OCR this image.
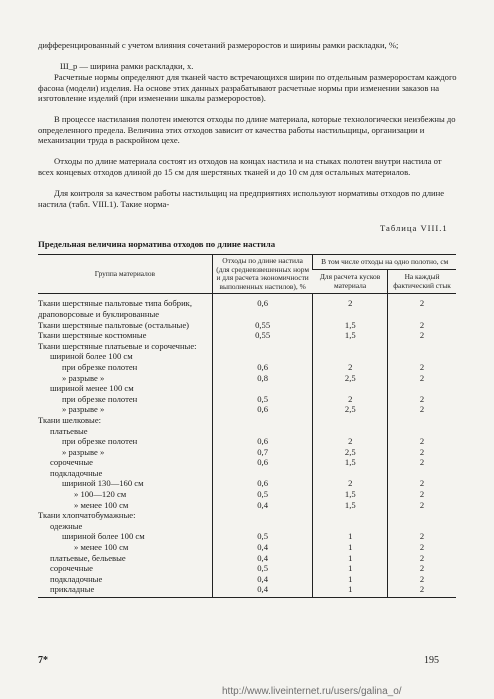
дифференцированный с учетом влияния сочетаний размероростов и ширины рамки раскладки, %;

Ш_р — ширина рамки раскладки, х.

Расчетные нормы определяют для тканей часто встречающихся ширин по отдельным размероростам каждого фасона (модели) изделия. На основе этих данных разрабатывают расчетные нормы при изменении заказов на изготовление изделий (при изменении шкалы размероростов).

В процессе настилания полотен имеются отходы по длине материала, которые технологически неизбежны до определенного предела. Величина этих отходов зависит от качества работы настильщицы, организации и механизации труда в раскройном цехе.

Отходы по длине материала состоят из отходов на концах настила и на стыках полотен внутри настила от всех концевых отходов длиной до 15 см для шерстяных тканей и до 10 см для остальных материалов.

Для контроля за качеством работы настильщиц на предприятиях используют нормативы отходов по длине настила (табл. VIII.1). Такие норма-

Таблица VIII.1

Предельная величина норматива отходов по длине настила

Группа материалов	Отходы по длине настила (для средневзвешенных норм и для расчета экономичности выполненных настилов), %	В том числе отходы на одно полотно, см	
		Для расчета кусков материала	На каждый фактический стык
Ткани шерстяные пальтовые типа бобрик, драповорсовые и буклированные	0,6	2	2
Ткани шерстяные пальтовые (остальные)	0,55	1,5	2
Ткани шерстяные костюмные	0,55	1,5	2
Ткани шерстяные платьевые и сорочечные:			
шириной более 100 см			
при обрезке полотен	0,6	2	2
» разрыве »	0,8	2,5	2
шириной менее 100 см			
при обрезке полотен	0,5	2	2
» разрыве »	0,6	2,5	2
Ткани шелковые:			
платьевые			
при обрезке полотен	0,6	2	2
» разрыве »	0,7	2,5	2
сорочечные	0,6	1,5	2
подкладочные			
шириной 130—160 см	0,6	2	2
» 100—120 см	0,5	1,5	2
» менее 100 см	0,4	1,5	2
Ткани хлопчатобумажные:			
одежные			
шириной более 100 см	0,5	1	2
» менее 100 см	0,4	1	2
платьевые, бельевые	0,4	1	2
сорочечные	0,5	1	2
подкладочные	0,4	1	2
прикладные	0,4	1	2
7*	195
http://www.liveinternet.ru/users/galina_o/
